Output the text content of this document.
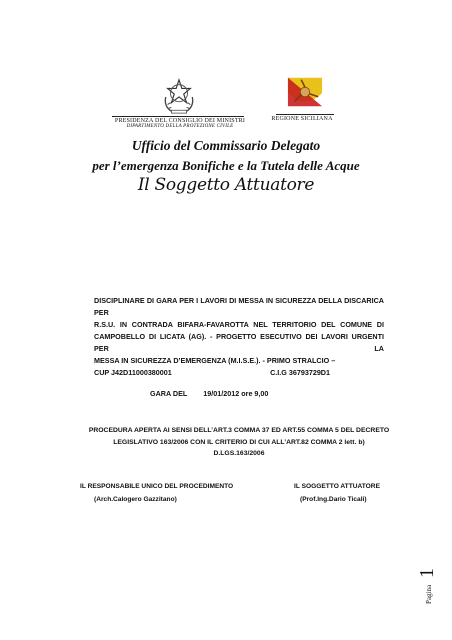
PRESIDENZA DEL CONSIGLIO DEI MINISTRI
DIPARTIMENTO DELLA PROTEZIONE CIVILE
REGIONE SICILIANA
Ufficio del Commissario Delegato
per l’emergenza Bonifiche e la Tutela delle Acque
Il Soggetto Attuatore
DISCIPLINARE DI GARA PER I LAVORI DI MESSA IN SICUREZZA DELLA DISCARICA PER
R.S.U. IN CONTRADA BIFARA-FAVAROTTA NEL TERRITORIO DEL COMUNE DI
CAMPOBELLO DI LICATA (AG). - PROGETTO ESECUTIVO DEI LAVORI URGENTI PER LA
MESSA IN SICUREZZA D’EMERGENZA (M.I.S.E.). - PRIMO STRALCIO –
CUP J42D11000380001	C.I.G 36793729D1
GARA DEL 19/01/2012 ore 9,00
PROCEDURA APERTA AI SENSI DELL’ART.3 COMMA 37 ED ART.55 COMMA 5 DEL DECRETO
LEGISLATIVO 163/2006 CON IL CRITERIO DI CUI ALL’ART.82 COMMA 2 lett. b)
D.LGS.163/2006
IL RESPONSABILE UNICO DEL PROCEDIMENTO
(Arch.Calogero Gazzitano)
IL SOGGETTO ATTUATORE
(Prof.Ing.Dario Ticali)
Pagina
1
